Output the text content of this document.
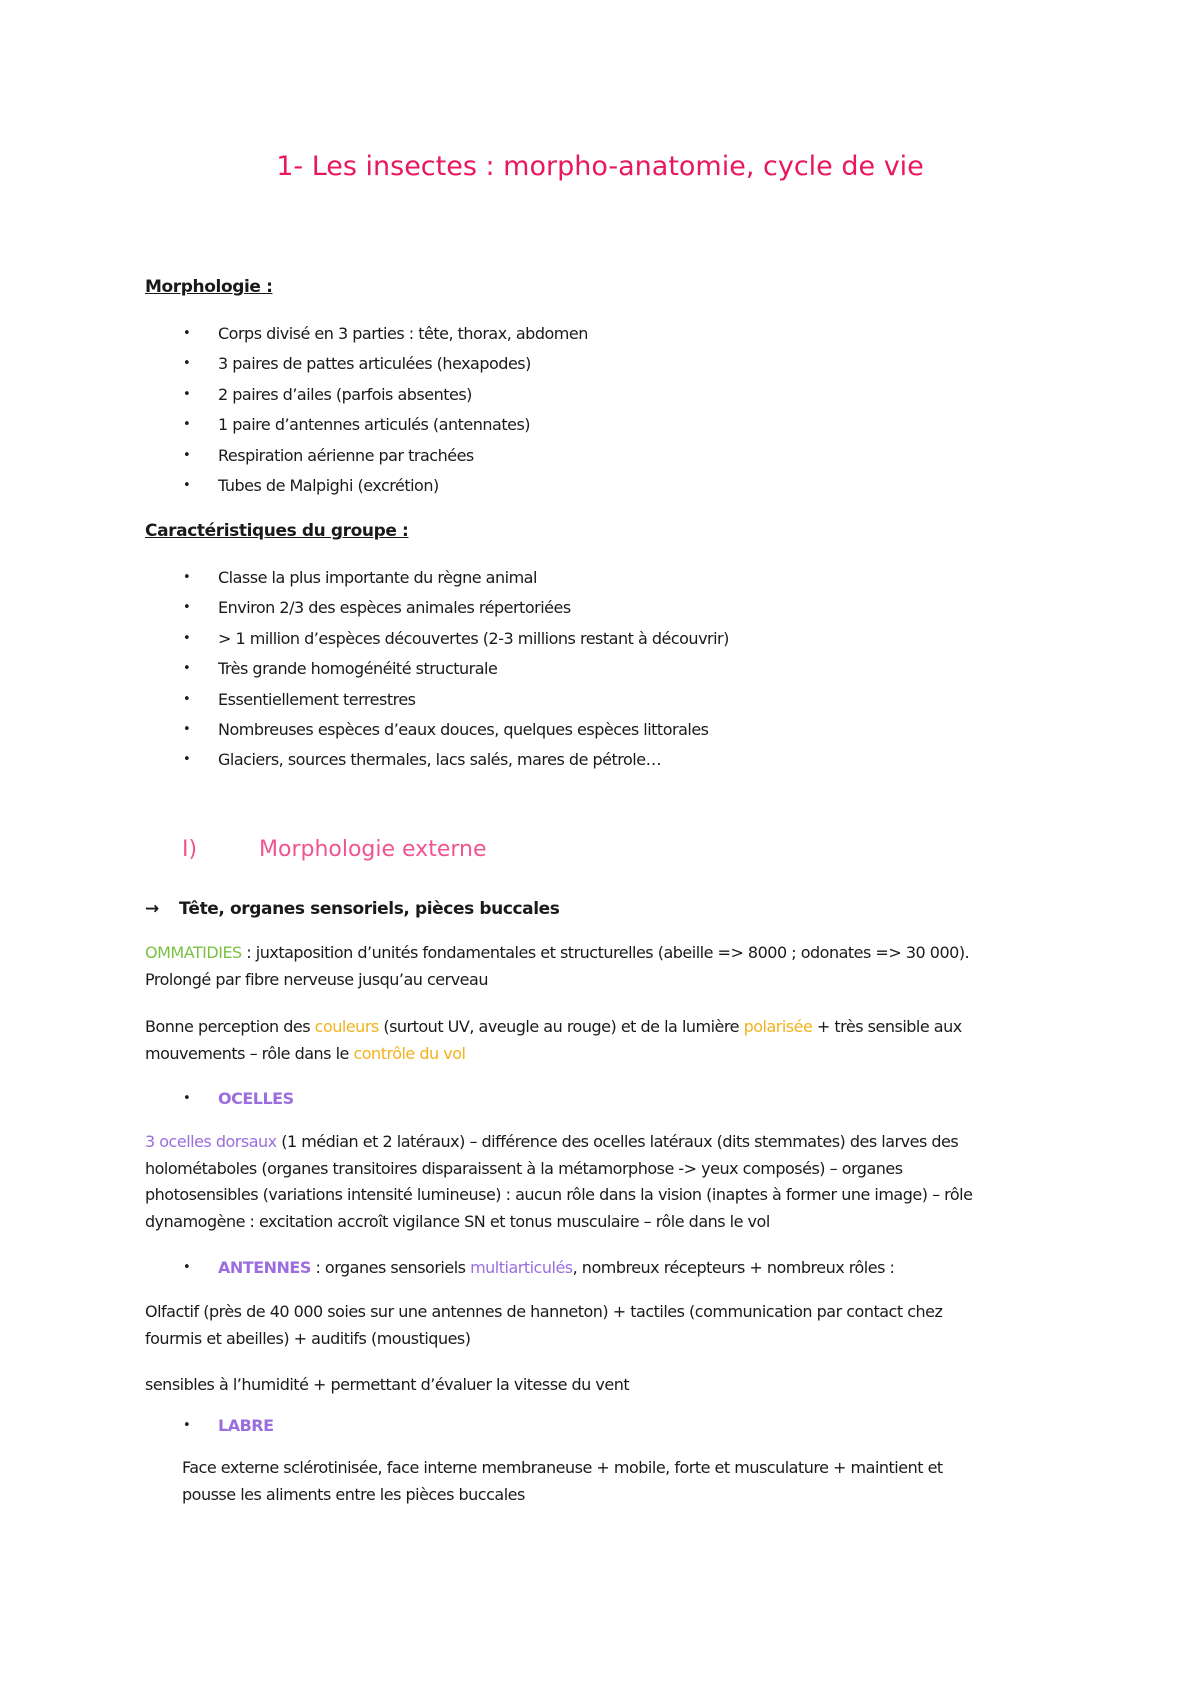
1- Les insectes : morpho-anatomie, cycle de vie
Morphologie :
• Corps divisé en 3 parties : tête, thorax, abdomen
• 3 paires de pattes articulées (hexapodes)
• 2 paires d’ailes (parfois absentes)
• 1 paire d’antennes articulés (antennates)
• Respiration aérienne par trachées
• Tubes de Malpighi (excrétion)
Caractéristiques du groupe :
• Classe la plus importante du règne animal
• Environ 2/3 des espèces animales répertoriées
• > 1 million d’espèces découvertes (2-3 millions restant à découvrir)
• Très grande homogénéité structurale
• Essentiellement terrestres
• Nombreuses espèces d’eaux douces, quelques espèces littorales
• Glaciers, sources thermales, lacs salés, mares de pétrole…
I)	Morphologie externe
→ Tête, organes sensoriels, pièces buccales
OMMATIDIES : juxtaposition d’unités fondamentales et structurelles (abeille => 8000 ; odonates => 30 000).
Prolongé par fibre nerveuse jusqu’au cerveau
Bonne perception des couleurs (surtout UV, aveugle au rouge) et de la lumière polarisée + très sensible aux
mouvements – rôle dans le contrôle du vol
• OCELLES
3 ocelles dorsaux (1 médian et 2 latéraux) – différence des ocelles latéraux (dits stemmates) des larves des
holométaboles (organes transitoires disparaissent à la métamorphose -> yeux composés) – organes
photosensibles (variations intensité lumineuse) : aucun rôle dans la vision (inaptes à former une image) – rôle
dynamogène : excitation accroît vigilance SN et tonus musculaire – rôle dans le vol
• ANTENNES : organes sensoriels multiarticulés, nombreux récepteurs + nombreux rôles :
Olfactif (près de 40 000 soies sur une antennes de hanneton) + tactiles (communication par contact chez
fourmis et abeilles) + auditifs (moustiques)
sensibles à l’humidité + permettant d’évaluer la vitesse du vent
• LABRE
Face externe sclérotinisée, face interne membraneuse + mobile, forte et musculature + maintient et
pousse les aliments entre les pièces buccales
